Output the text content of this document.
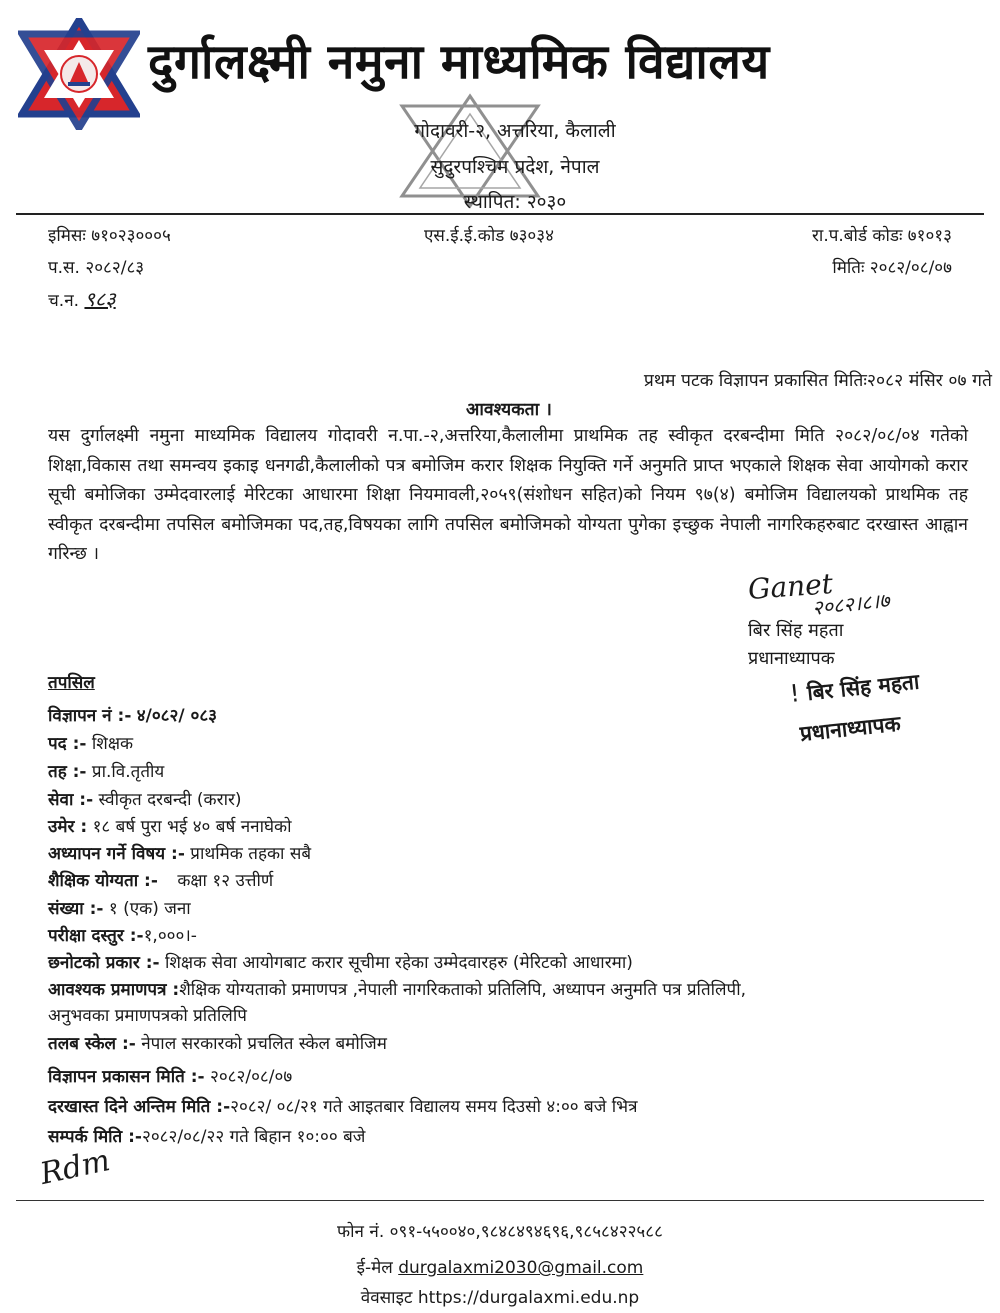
दुर्गालक्ष्मी नमुना माध्यमिक विद्यालय
गोदावरी-२, अत्तरिया, कैलाली
सुदुरपश्चिम प्रदेश, नेपाल
स्थापित: २०३०
इमिसः ७१०२३०००५	एस.ई.ई.कोड ७३०३४	रा.प.बोर्ड कोडः ७१०१३
प.स. २०८२/८३	मितिः २०८२/०८/०७
च.न. ९८३
प्रथम पटक विज्ञापन प्रकासित मितिः२०८२ मंसिर ०७ गते
आवश्यकता ।
यस दुर्गालक्ष्मी नमुना माध्यमिक विद्यालय गोदावरी न.पा.-२,अत्तरिया,कैलालीमा प्राथमिक तह स्वीकृत दरबन्दीमा मिति २०८२/०८/०४ गतेको शिक्षा,विकास तथा समन्वय इकाइ धनगढी,कैलालीको पत्र बमोजिम करार शिक्षक नियुक्ति गर्ने अनुमति प्राप्त भएकाले शिक्षक सेवा आयोगको करार सूची बमोजिका उम्मेदवारलाई मेरिटका आधारमा शिक्षा नियमावली,२०५९(संशोधन सहित)को नियम ९७(४) बमोजिम विद्यालयको प्राथमिक तह स्वीकृत दरबन्दीमा तपसिल बमोजिमका पद,तह,विषयका लागि तपसिल बमोजिमको योग्यता पुगेका इच्छुक नेपाली नागरिकहरुबाट दरखास्त आह्वान गरिन्छ ।
Ganet
२०८२।८।७
बिर सिंह महता
प्रधानाध्यापक
! बिर सिंह महता
प्रधानाध्यापक
तपसिल
विज्ञापन नं :- ४/०८२/ ०८३
पद :- शिक्षक
तह :- प्रा.वि.तृतीय
सेवा :- स्वीकृत दरबन्दी (करार)
उमेर : १८ बर्ष पुरा भई ४० बर्ष ननाघेको
अध्यापन गर्ने विषय :- प्राथमिक तहका सबै
शैक्षिक योग्यता :- कक्षा १२ उत्तीर्ण
संख्या :- १ (एक) जना
परीक्षा दस्तुर :-१,०००।-
छनोटको प्रकार :- शिक्षक सेवा आयोगबाट करार सूचीमा रहेका उम्मेदवारहरु (मेरिटको आधारमा)
आवश्यक प्रमाणपत्र :शैक्षिक योग्यताको प्रमाणपत्र ,नेपाली नागरिकताको प्रतिलिपि, अध्यापन अनुमति पत्र प्रतिलिपी,
अनुभवका प्रमाणपत्रको प्रतिलिपि
तलब स्केल :- नेपाल सरकारको प्रचलित स्केल बमोजिम
विज्ञापन प्रकासन मिति :- २०८२/०८/०७
दरखास्त दिने अन्तिम मिति :-२०८२/ ०८/२१ गते आइतबार विद्यालय समय दिउसो ४:०० बजे भित्र
सम्पर्क मिति :-२०८२/०८/२२ गते बिहान १०:०० बजे
Rdm
फोन नं. ०९१-५५००४०,९८४८४९४६९६,९८५८४२२५८८
ई-मेल durgalaxmi2030@gmail.com
वेवसाइट https://durgalaxmi.edu.np
